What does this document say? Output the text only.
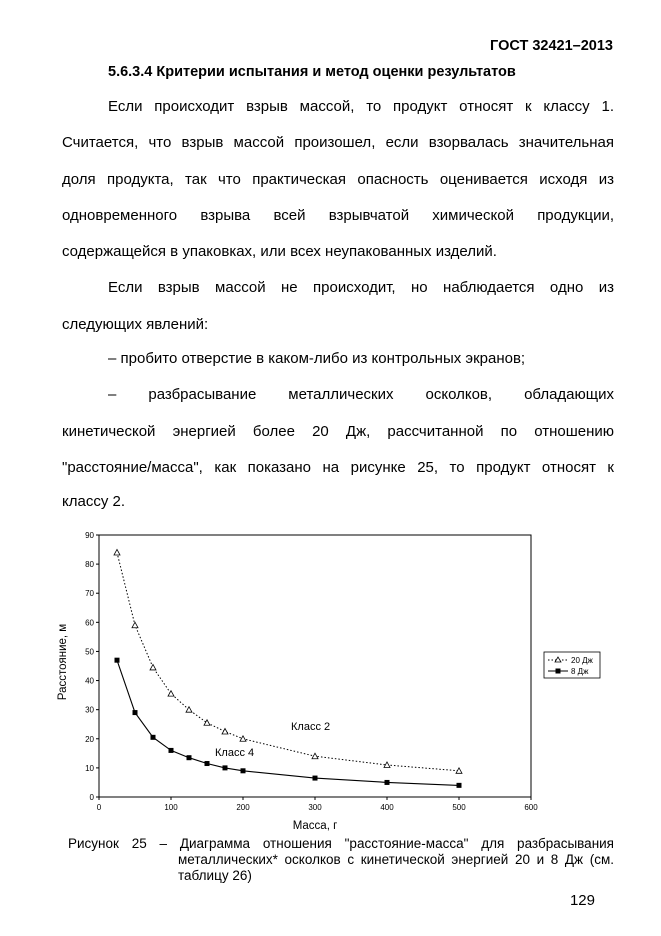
ГОСТ 32421–2013
5.6.3.4 Критерии испытания и метод оценки результатов
Если происходит взрыв массой, то продукт относят к классу 1.
Считается, что взрыв массой произошел, если взорвалась значительная
доля продукта, так что практическая опасность оценивается исходя из
одновременного взрыва всей взрывчатой химической продукции,
содержащейся в упаковках, или всех неупакованных изделий.
Если взрыв массой не происходит, но наблюдается одно из
следующих явлений:
– пробито отверстие в каком-либо из контрольных экранов;
– разбрасывание металлических осколков, обладающих
кинетической энергией более 20 Дж, рассчитанной по отношению
"расстояние/масса", как показано на рисунке 25, то продукт относят к
классу 2.
0
10
20
30
40
50
60
70
80
90
0	100	200	300	400	500	600
Расстояние, м
Масса, г
Класс 2
Класс 4
20 Дж
8 Дж
Рисунок 25 – Диаграмма отношения "расстояние-масса" для разбрасывания
металлических* осколков с кинетической энергией 20 и 8 Дж (см.
таблицу 26)
129
